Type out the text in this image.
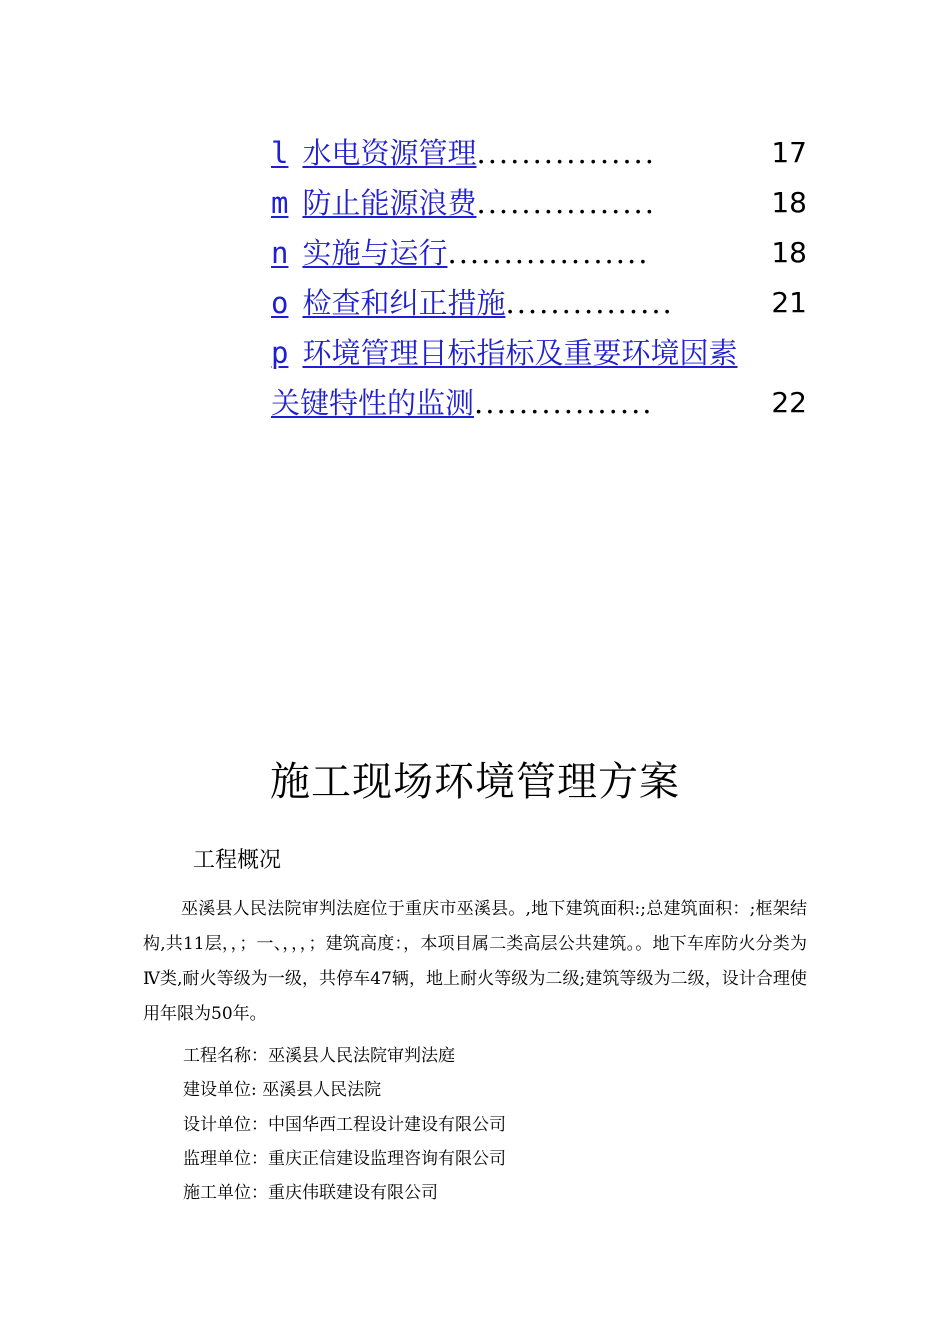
l 水电资源管理 ................	17
m 防止能源浪费 ................	18
n 实施与运行 ..................	18
o 检查和纠正措施 ...............	21
p 环境管理目标指标及重要环境因素
关键特性的监测 ................	22
施工现场环境管理方案
工程概况
巫溪县人民法院审判法庭位于重庆市巫溪县。,地下建筑面积:;总建筑面积：;框架结构,共11层，，；一、，，，；建筑高度：，本项目属二类高层公共建筑。。地下车库防火分类为Ⅳ类,耐火等级为一级，共停车47辆，地上耐火等级为二级;建筑等级为二级，设计合理使用年限为50年。
工程名称：巫溪县人民法院审判法庭
建设单位: 巫溪县人民法院
设计单位：中国华西工程设计建设有限公司
监理单位：重庆正信建设监理咨询有限公司
施工单位：重庆伟联建设有限公司
